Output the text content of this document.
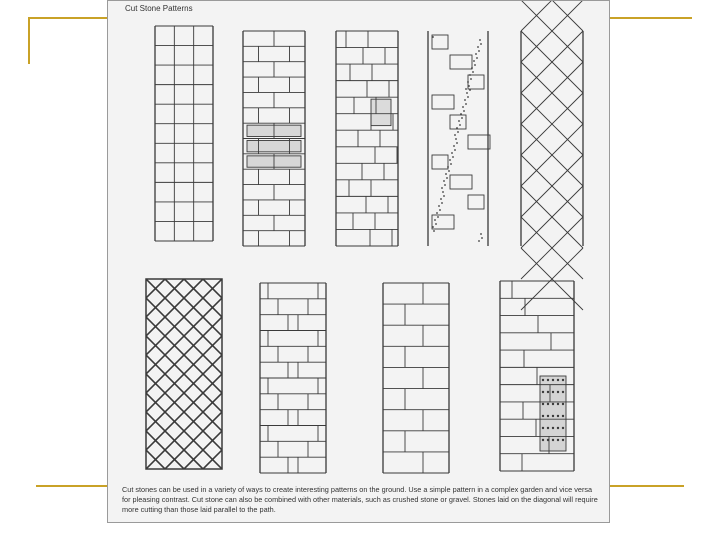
Cut Stone Patterns
Cut stones can be used in a variety of ways to create interesting patterns on the ground. Use a simple pattern in a complex garden and vice versa for pleasing contrast. Cut stone can also be combined with other materials, such as crushed stone or gravel. Stones laid on the diagonal will require more cutting than those laid parallel to the path.
